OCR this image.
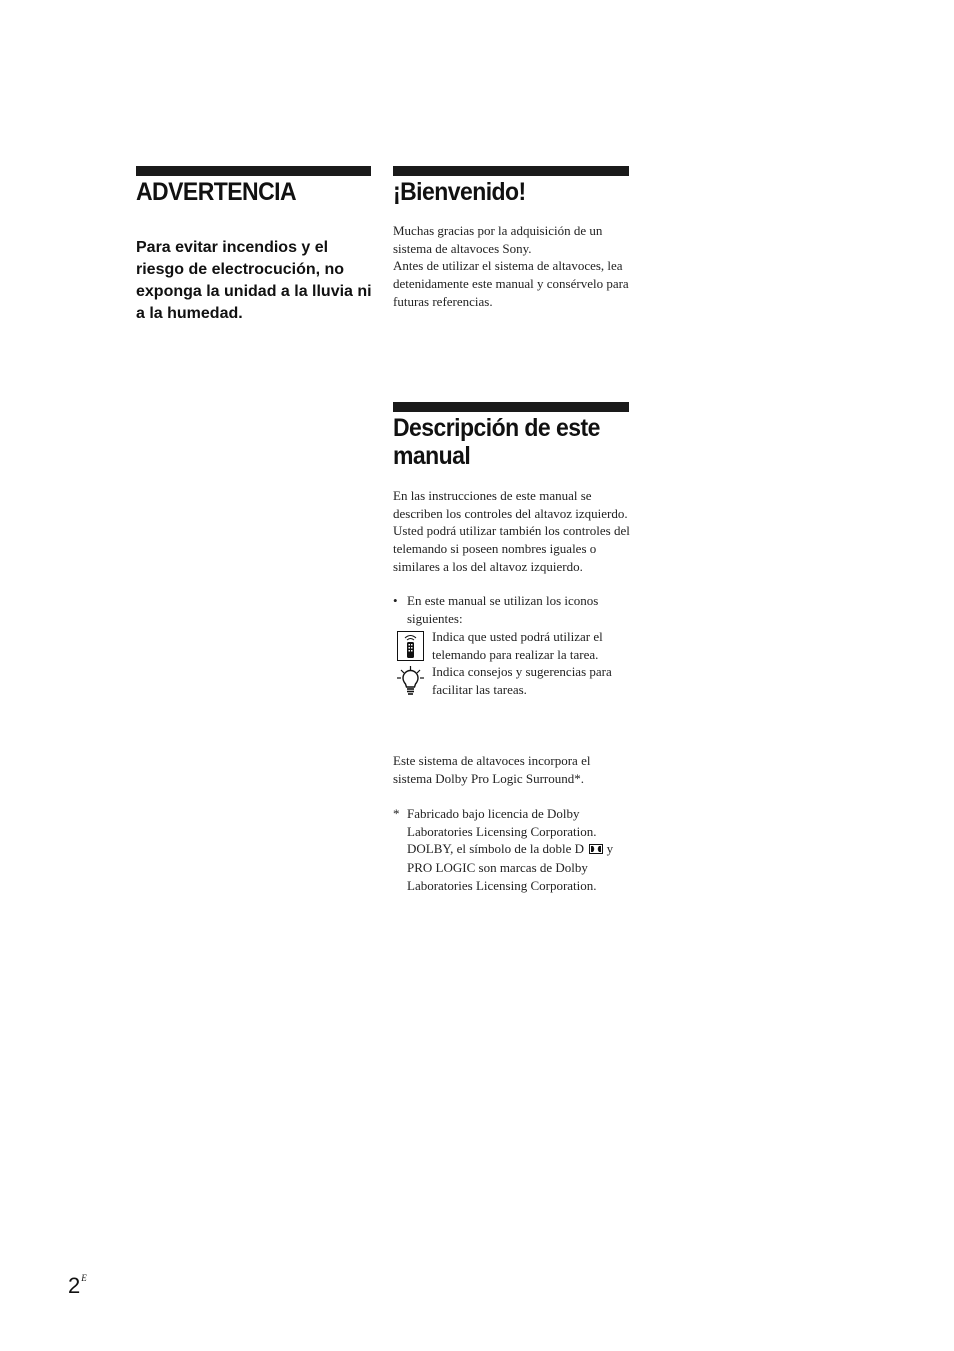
ADVERTENCIA

Para evitar incendios y el riesgo de electrocución, no exponga la unidad a la lluvia ni a la humedad.

¡Bienvenido!
Muchas gracias por la adquisición de un sistema de altavoces Sony.
Antes de utilizar el sistema de altavoces, lea detenidamente este manual y consérvelo para futuras referencias.
Descripción de este manual

En las instrucciones de este manual se describen los controles del altavoz izquierdo. Usted podrá utilizar también los controles del telemando si poseen nombres iguales o similares a los del altavoz izquierdo.

• En este manual se utilizan los iconos siguientes:
Indica que usted podrá utilizar el telemando para realizar la tarea.
Indica consejos y sugerencias para facilitar las tareas.

Este sistema de altavoces incorpora el sistema Dolby Pro Logic Surround*.

* Fabricado bajo licencia de Dolby Laboratories Licensing Corporation. DOLBY, el símbolo de la doble D y PRO LOGIC son marcas de Dolby Laboratories Licensing Corporation.
$2^E$
